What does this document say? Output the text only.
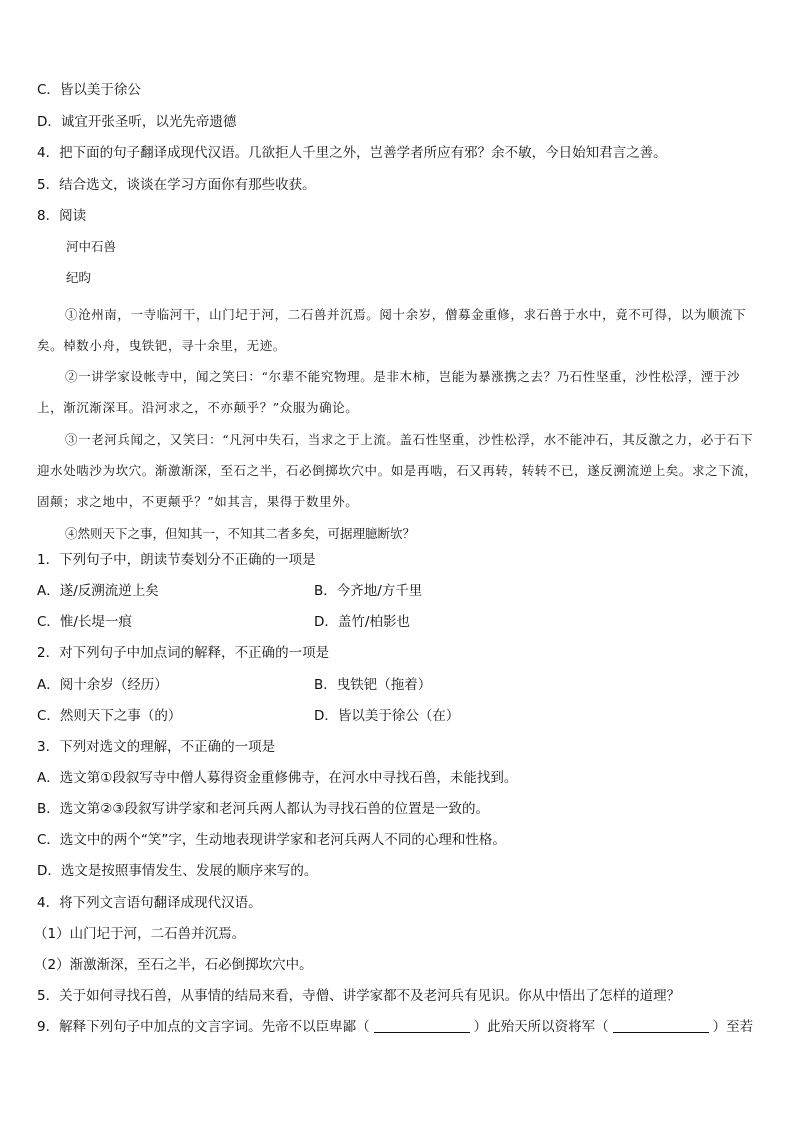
C．皆以美于徐公
D．诚宜开张圣听，以光先帝遗德
4．把下面的句子翻译成现代汉语。几欲拒人千里之外，岂善学者所应有邪？余不敏，今日始知君言之善。
5．结合选文，谈谈在学习方面你有那些收获。
8．阅读
河中石兽
纪昀
①沧州南，一寺临河干，山门圮于河，二石兽并沉焉。阅十余岁，僧募金重修，求石兽于水中，竟不可得，以为顺流下矣。棹数小舟，曳铁钯，寻十余里，无迹。
②一讲学家设帐寺中，闻之笑曰：“尔辈不能究物理。是非木柿，岂能为暴涨携之去？乃石性坚重，沙性松浮，湮于沙上，渐沉渐深耳。沿河求之，不亦颠乎？”众服为确论。
③一老河兵闻之，又笑曰：“凡河中失石，当求之于上流。盖石性坚重，沙性松浮，水不能冲石，其反激之力，必于石下迎水处啮沙为坎穴。渐激渐深，至石之半，石必倒掷坎穴中。如是再啮，石又再转，转转不已，遂反溯流逆上矣。求之下流，固颠；求之地中，不更颠乎？”如其言，果得于数里外。
④然则天下之事，但知其一，不知其二者多矣，可据理臆断欤？
1．下列句子中，朗读节奏划分不正确的一项是
A．遂/反溯流逆上矣	B．今齐地/方千里
C．惟/长堤一痕	D．盖竹/柏影也
2．对下列句子中加点词的解释，不正确的一项是
A．阅十余岁（经历）	B．曳铁钯（拖着）
C．然则天下之事（的）	D．皆以美于徐公（在）
3．下列对选文的理解，不正确的一项是
A．选文第①段叙写寺中僧人募得资金重修佛寺，在河水中寻找石兽，未能找到。
B．选文第②③段叙写讲学家和老河兵两人都认为寻找石兽的位置是一致的。
C．选文中的两个“笑”字，生动地表现讲学家和老河兵两人不同的心理和性格。
D．选文是按照事情发生、发展的顺序来写的。
4．将下列文言语句翻译成现代汉语。
（1）山门圮于河，二石兽并沉焉。
（2）渐激渐深，至石之半，石必倒掷坎穴中。
5．关于如何寻找石兽，从事情的结局来看，寺僧、讲学家都不及老河兵有见识。你从中悟出了怎样的道理？
9．解释下列句子中加点的文言字词。先帝不以臣卑鄙（	）此殆天所以资将军（	）至若
